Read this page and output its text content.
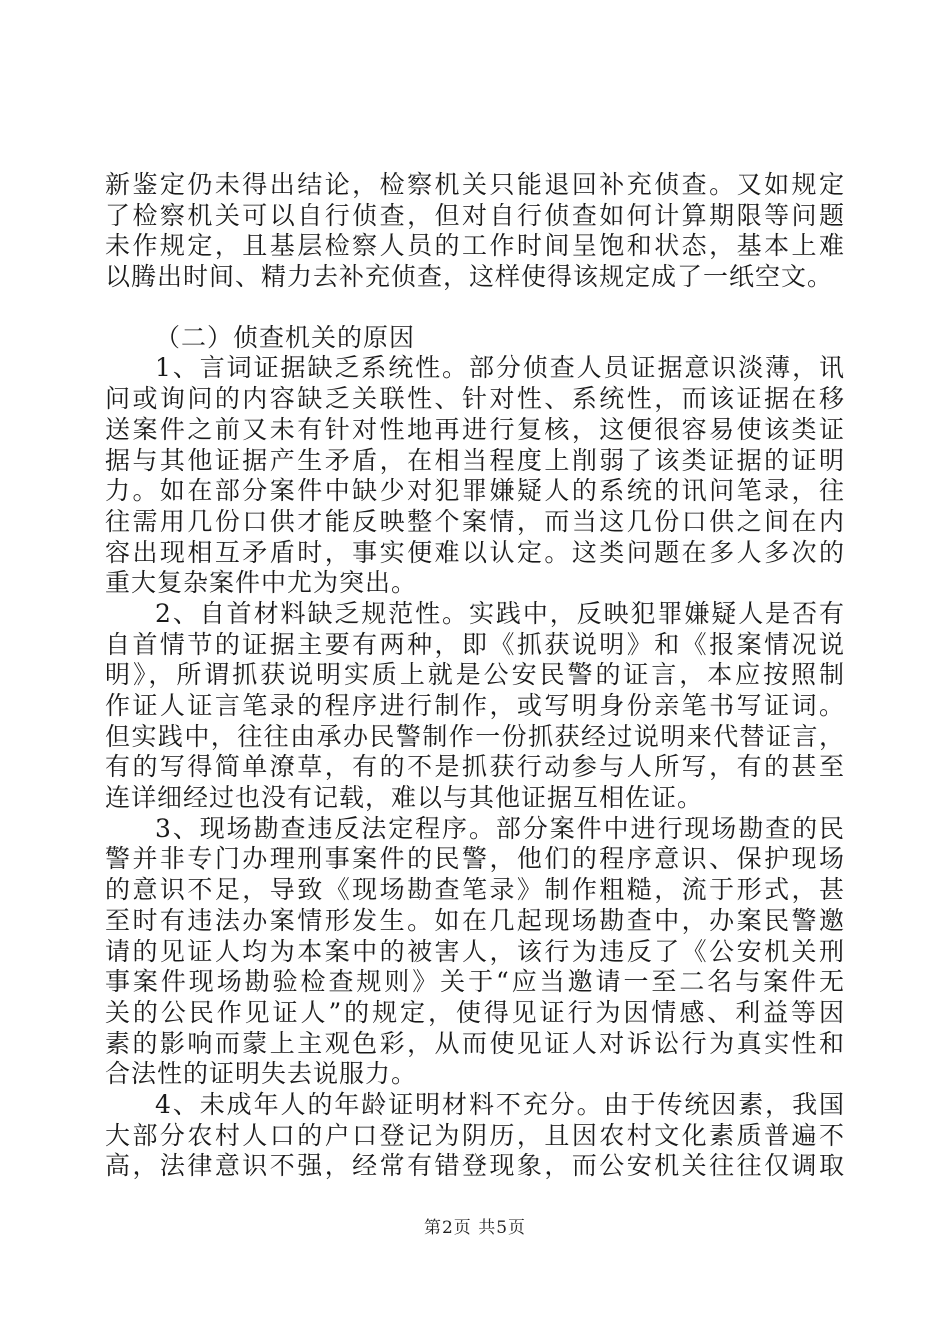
新鉴定仍未得出结论，检察机关只能退回补充侦查。又如规定
了检察机关可以自行侦查，但对自行侦查如何计算期限等问题
未作规定，且基层检察人员的工作时间呈饱和状态，基本上难
以腾出时间、精力去补充侦查，这样使得该规定成了一纸空文。
（二）侦查机关的原因
1、言词证据缺乏系统性。部分侦查人员证据意识淡薄，讯
问或询问的内容缺乏关联性、针对性、系统性，而该证据在移
送案件之前又未有针对性地再进行复核，这便很容易使该类证
据与其他证据产生矛盾，在相当程度上削弱了该类证据的证明
力。如在部分案件中缺少对犯罪嫌疑人的系统的讯问笔录，往
往需用几份口供才能反映整个案情，而当这几份口供之间在内
容出现相互矛盾时，事实便难以认定。这类问题在多人多次的
重大复杂案件中尤为突出。
2、自首材料缺乏规范性。实践中，反映犯罪嫌疑人是否有
自首情节的证据主要有两种，即《抓获说明》和《报案情况说
明》，所谓抓获说明实质上就是公安民警的证言，本应按照制
作证人证言笔录的程序进行制作，或写明身份亲笔书写证词。
但实践中，往往由承办民警制作一份抓获经过说明来代替证言，
有的写得简单潦草，有的不是抓获行动参与人所写，有的甚至
连详细经过也没有记载，难以与其他证据互相佐证。
3、现场勘查违反法定程序。部分案件中进行现场勘查的民
警并非专门办理刑事案件的民警，他们的程序意识、保护现场
的意识不足，导致《现场勘查笔录》制作粗糙，流于形式，甚
至时有违法办案情形发生。如在几起现场勘查中，办案民警邀
请的见证人均为本案中的被害人，该行为违反了《公安机关刑
事案件现场勘验检查规则》关于“应当邀请一至二名与案件无
关的公民作见证人”的规定，使得见证行为因情感、利益等因
素的影响而蒙上主观色彩，从而使见证人对诉讼行为真实性和
合法性的证明失去说服力。
4、未成年人的年龄证明材料不充分。由于传统因素，我国
大部分农村人口的户口登记为阴历，且因农村文化素质普遍不
高，法律意识不强，经常有错登现象，而公安机关往往仅调取
第2页 共5页
